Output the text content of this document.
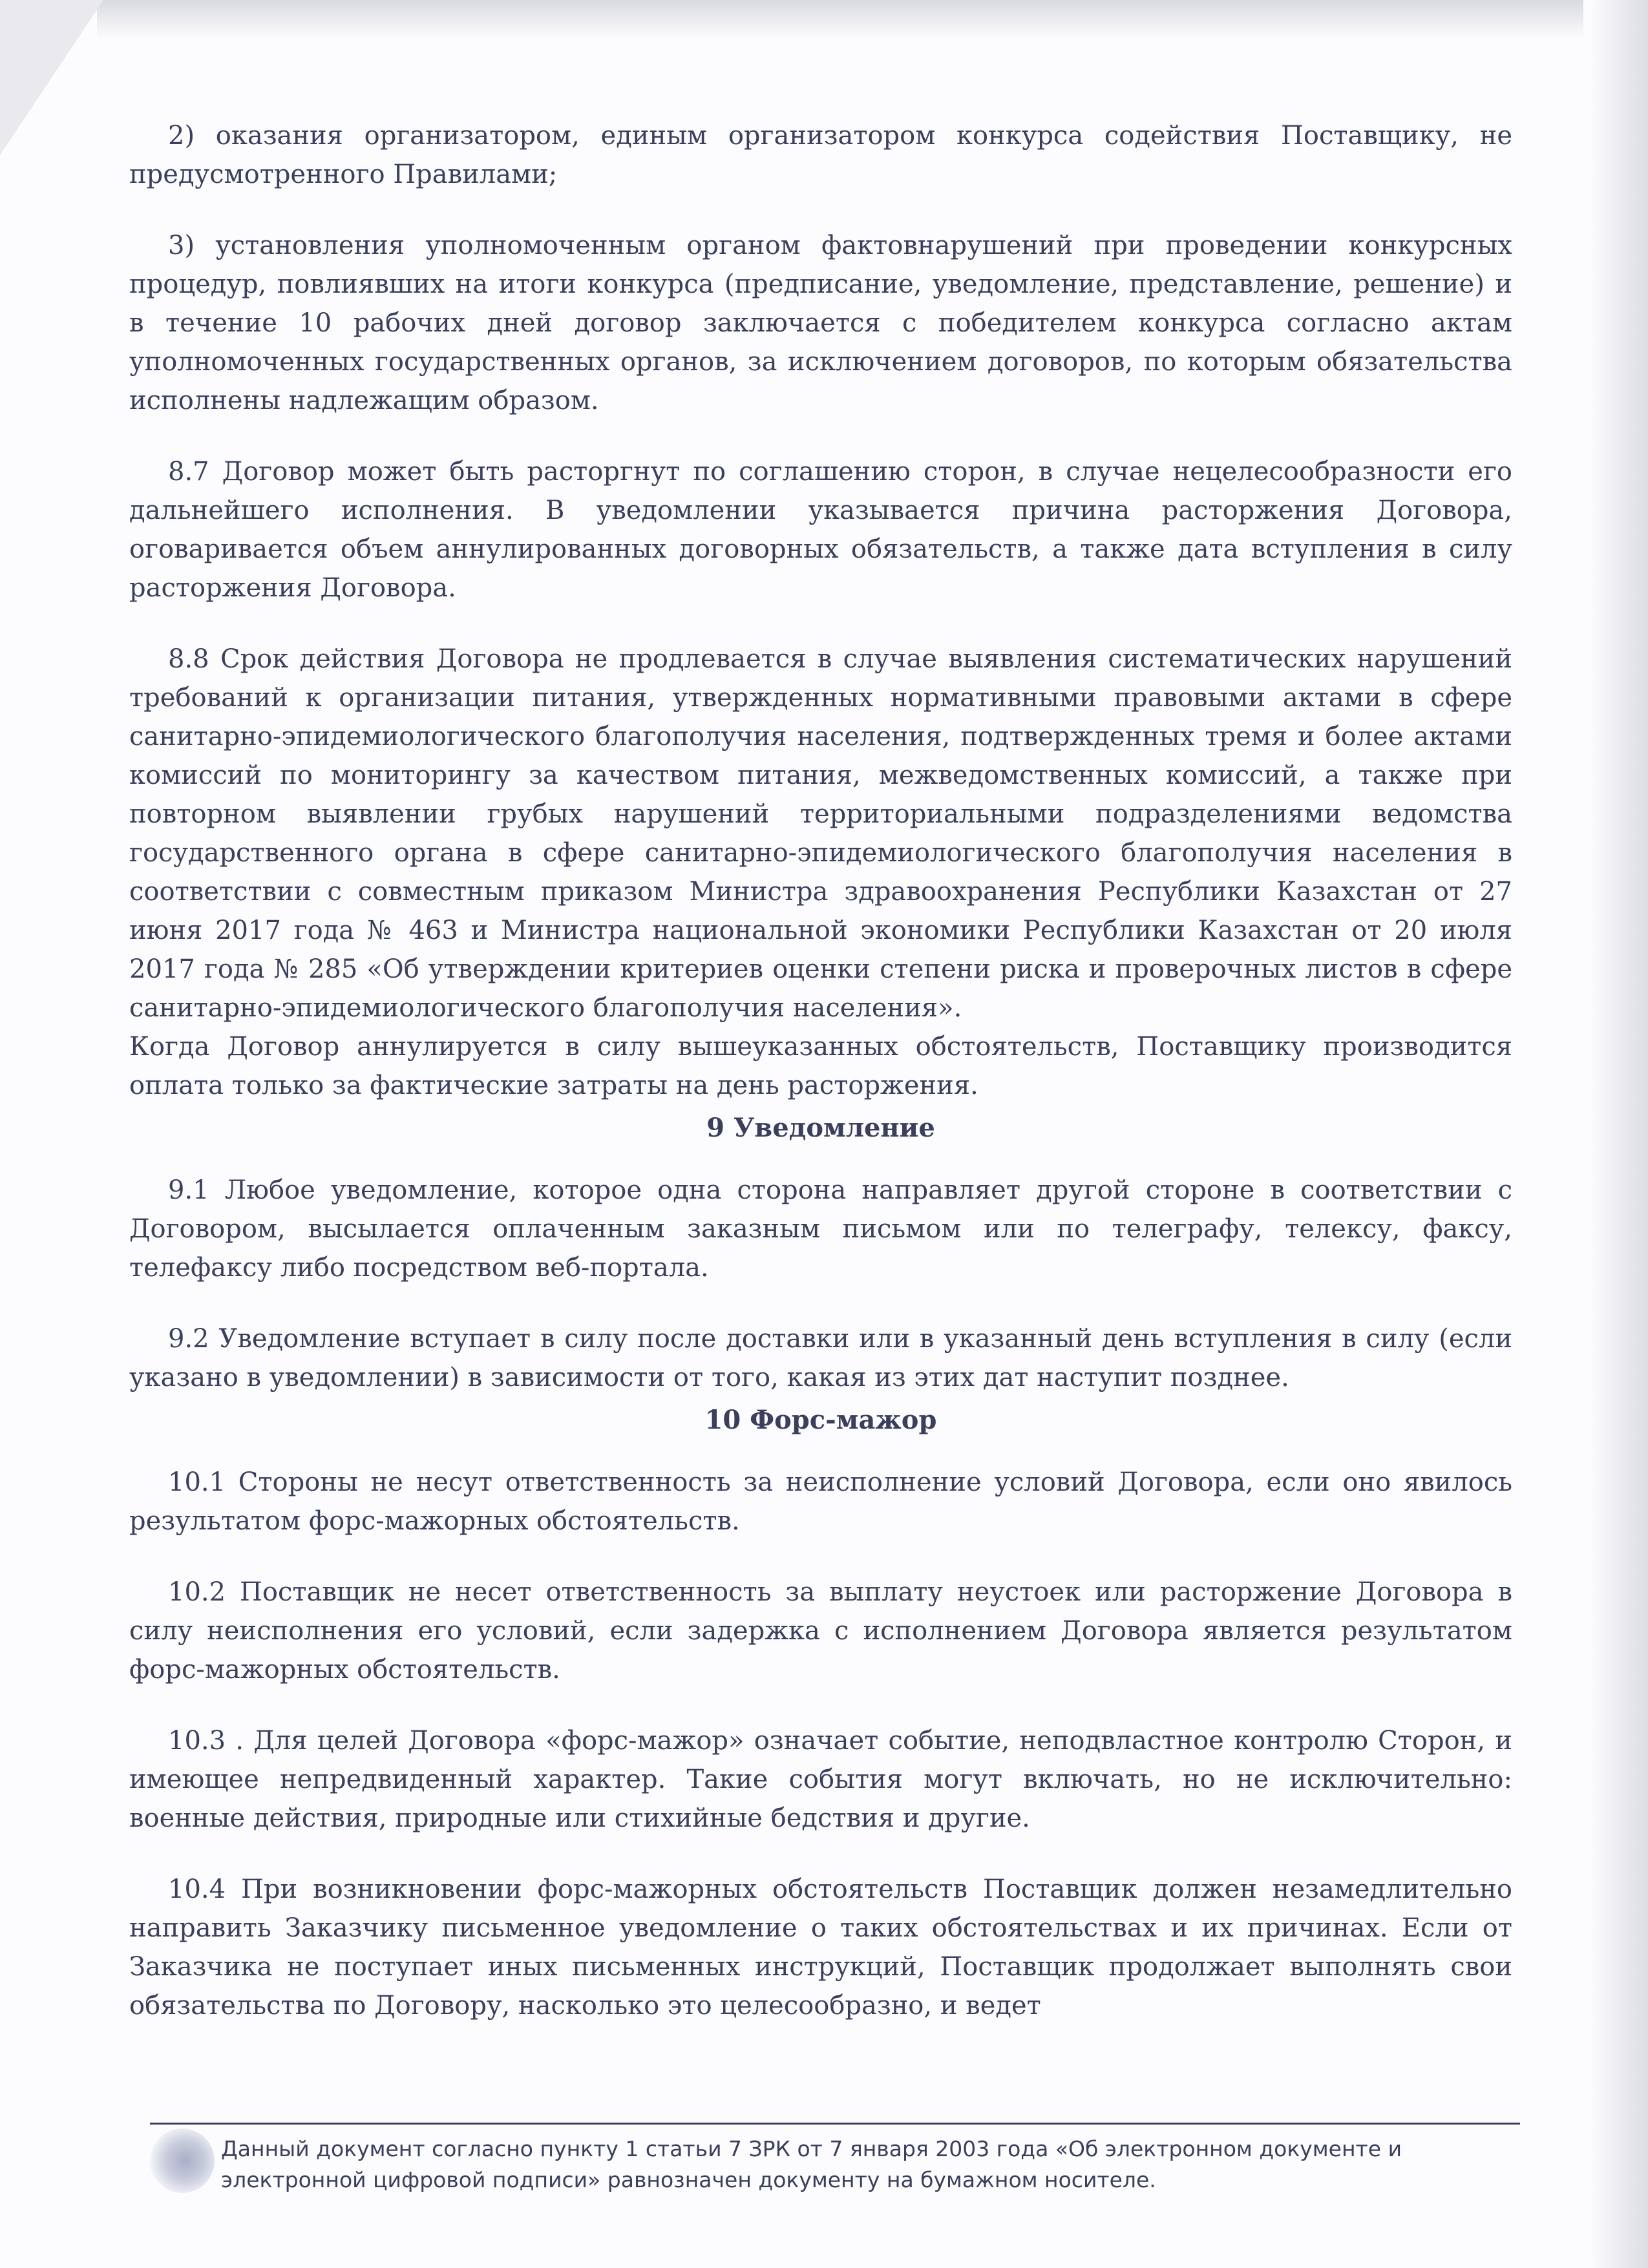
2) оказания организатором, единым организатором конкурса содействия Поставщику, не предусмотренного Правилами;

3) установления уполномоченным органом фактовнарушений при проведении конкурсных процедур, повлиявших на итоги конкурса (предписание, уведомление, представление, решение) и в течение 10 рабочих дней договор заключается с победителем конкурса согласно актам уполномоченных государственных органов, за исключением договоров, по которым обязательства исполнены надлежащим образом.

8.7 Договор может быть расторгнут по соглашению сторон, в случае нецелесообразности его дальнейшего исполнения. В уведомлении указывается причина расторжения Договора, оговаривается объем аннулированных договорных обязательств, а также дата вступления в силу расторжения Договора.

8.8 Срок действия Договора не продлевается в случае выявления систематических нарушений требований к организации питания, утвержденных нормативными правовыми актами в сфере санитарно-эпидемиологического благополучия населения, подтвержденных тремя и более актами комиссий по мониторингу за качеством питания, межведомственных комиссий, а также при повторном выявлении грубых нарушений территориальными подразделениями ведомства государственного органа в сфере санитарно-эпидемиологического благополучия населения в соответствии с совместным приказом Министра здравоохранения Республики Казахстан от 27 июня 2017 года № 463 и Министра национальной экономики Республики Казахстан от 20 июля 2017 года № 285 «Об утверждении критериев оценки степени риска и проверочных листов в сфере санитарно-эпидемиологического благополучия населения».

Когда Договор аннулируется в силу вышеуказанных обстоятельств, Поставщику производится оплата только за фактические затраты на день расторжения.

9 Уведомление

9.1 Любое уведомление, которое одна сторона направляет другой стороне в соответствии с Договором, высылается оплаченным заказным письмом или по телеграфу, телексу, факсу, телефаксу либо посредством веб-портала.

9.2 Уведомление вступает в силу после доставки или в указанный день вступления в силу (если указано в уведомлении) в зависимости от того, какая из этих дат наступит позднее.

10 Форс-мажор

10.1 Стороны не несут ответственность за неисполнение условий Договора, если оно явилось результатом форс-мажорных обстоятельств.

10.2 Поставщик не несет ответственность за выплату неустоек или расторжение Договора в силу неисполнения его условий, если задержка с исполнением Договора является результатом форс-мажорных обстоятельств.

10.3 . Для целей Договора «форс-мажор» означает событие, неподвластное контролю Сторон, и имеющее непредвиденный характер. Такие события могут включать, но не исключительно: военные действия, природные или стихийные бедствия и другие.

10.4 При возникновении форс-мажорных обстоятельств Поставщик должен незамедлительно направить Заказчику письменное уведомление о таких обстоятельствах и их причинах. Если от Заказчика не поступает иных письменных инструкций, Поставщик продолжает выполнять свои обязательства по Договору, насколько это целесообразно, и ведет

Данный документ согласно пункту 1 статьи 7 ЗРК от 7 января 2003 года «Об электронном документе и электронной цифровой подписи» равнозначен документу на бумажном носителе.
